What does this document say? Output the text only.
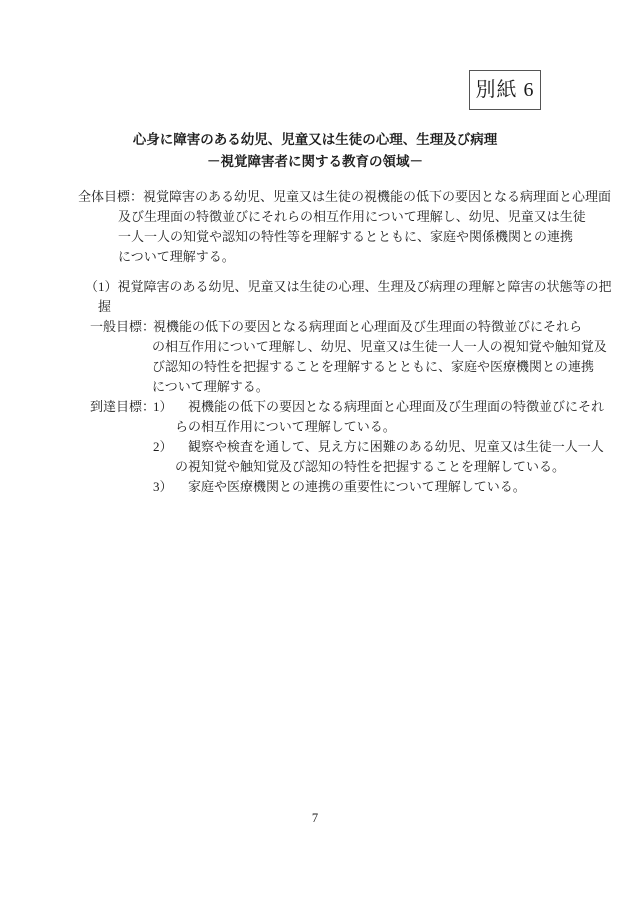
別紙 6
心身に障害のある幼児、児童又は生徒の心理、生理及び病理
－視覚障害者に関する教育の領域－
全体目標：視覚障害のある幼児、児童又は生徒の視機能の低下の要因となる病理面と心理面
及び生理面の特徴並びにそれらの相互作用について理解し、幼児、児童又は生徒
一人一人の知覚や認知の特性等を理解するとともに、家庭や関係機関との連携
について理解する。
（1）視覚障害のある幼児、児童又は生徒の心理、生理及び病理の理解と障害の状態等の把
握
一般目標：視機能の低下の要因となる病理面と心理面及び生理面の特徴並びにそれら
の相互作用について理解し、幼児、児童又は生徒一人一人の視知覚や触知覚及
び認知の特性を把握することを理解するとともに、家庭や医療機関との連携
について理解する。
到達目標：
1） 視機能の低下の要因となる病理面と心理面及び生理面の特徴並びにそれ
らの相互作用について理解している。
2） 観察や検査を通して、見え方に困難のある幼児、児童又は生徒一人一人
の視知覚や触知覚及び認知の特性を把握することを理解している。
3） 家庭や医療機関との連携の重要性について理解している。
7
